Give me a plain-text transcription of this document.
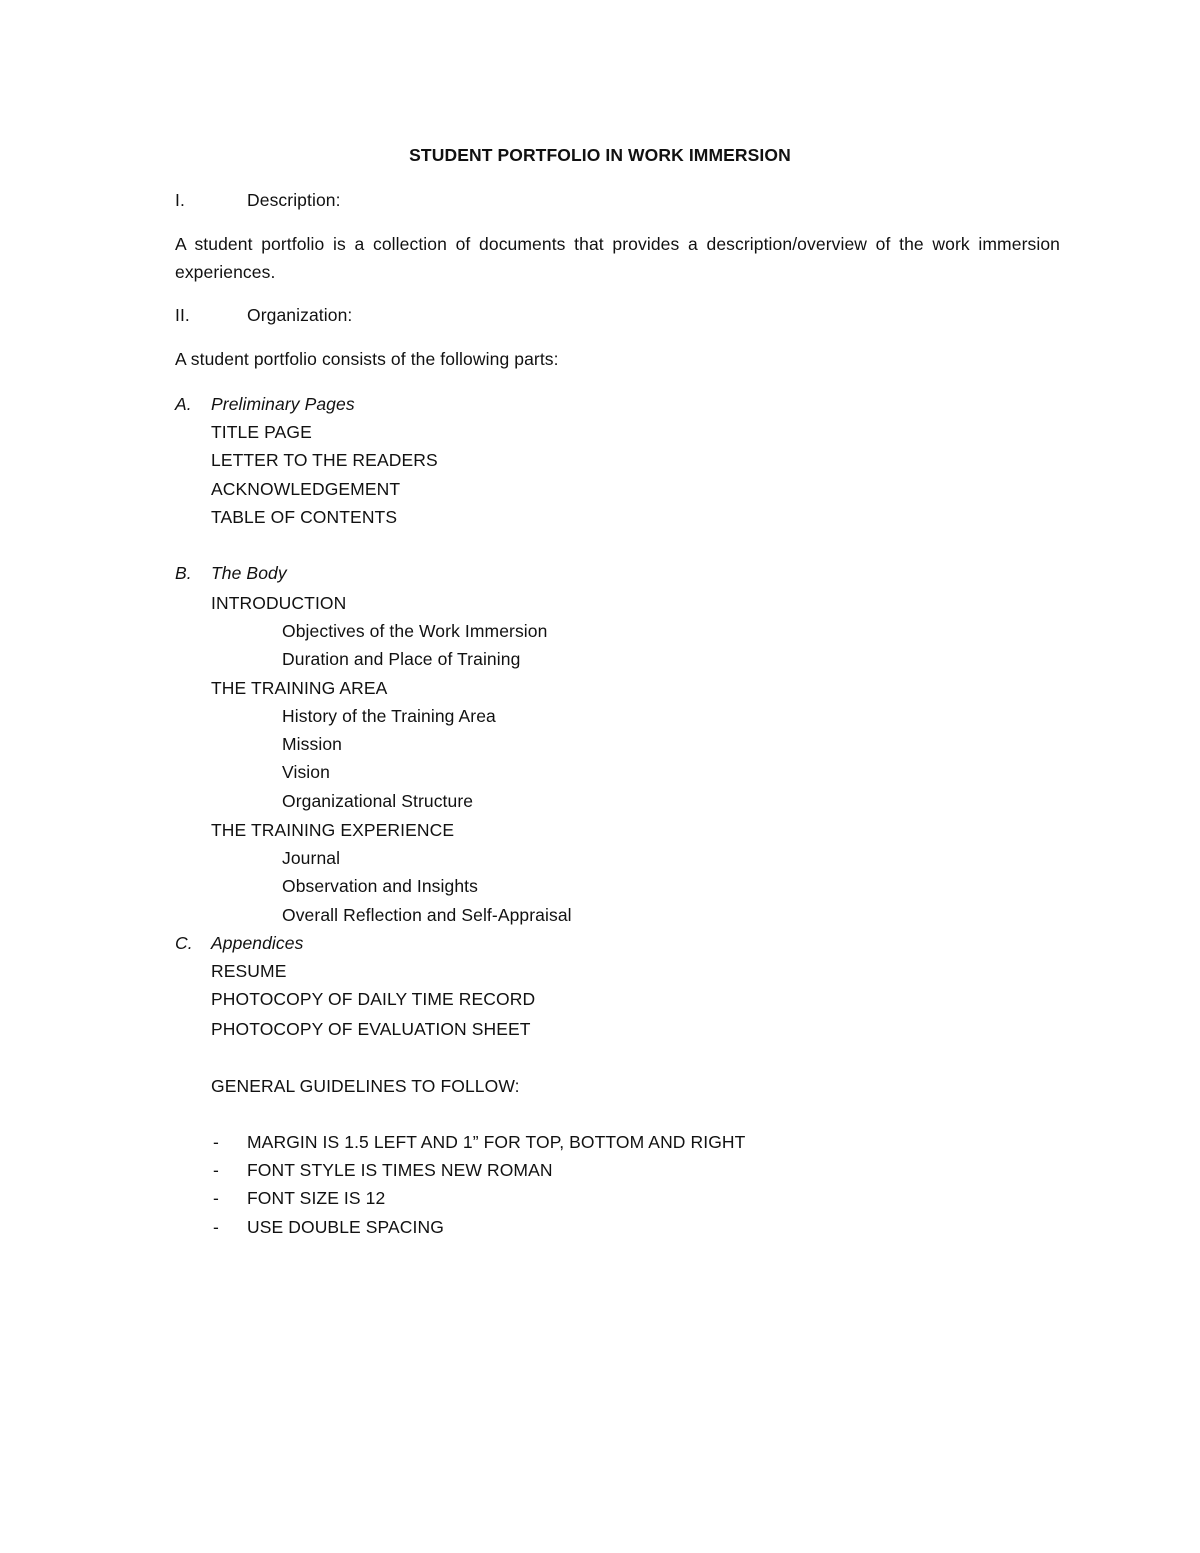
STUDENT PORTFOLIO IN WORK IMMERSION
I.	Description:
A student portfolio is a collection of documents that provides a description/overview of the work immersion experiences.
II.	Organization:
A student portfolio consists of the following parts:
A. Preliminary Pages
TITLE PAGE
LETTER TO THE READERS
ACKNOWLEDGEMENT
TABLE OF CONTENTS
B. The Body
INTRODUCTION
Objectives of the Work Immersion
Duration and Place of Training
THE TRAINING AREA
History of the Training Area
Mission
Vision
Organizational Structure
THE TRAINING EXPERIENCE
Journal
Observation and Insights
Overall Reflection and Self-Appraisal
C. Appendices
RESUME
PHOTOCOPY OF DAILY TIME RECORD
PHOTOCOPY OF EVALUATION SHEET
GENERAL GUIDELINES TO FOLLOW:
- MARGIN IS 1.5 LEFT AND 1” FOR TOP, BOTTOM AND RIGHT
- FONT STYLE IS TIMES NEW ROMAN
- FONT SIZE IS 12
- USE DOUBLE SPACING
